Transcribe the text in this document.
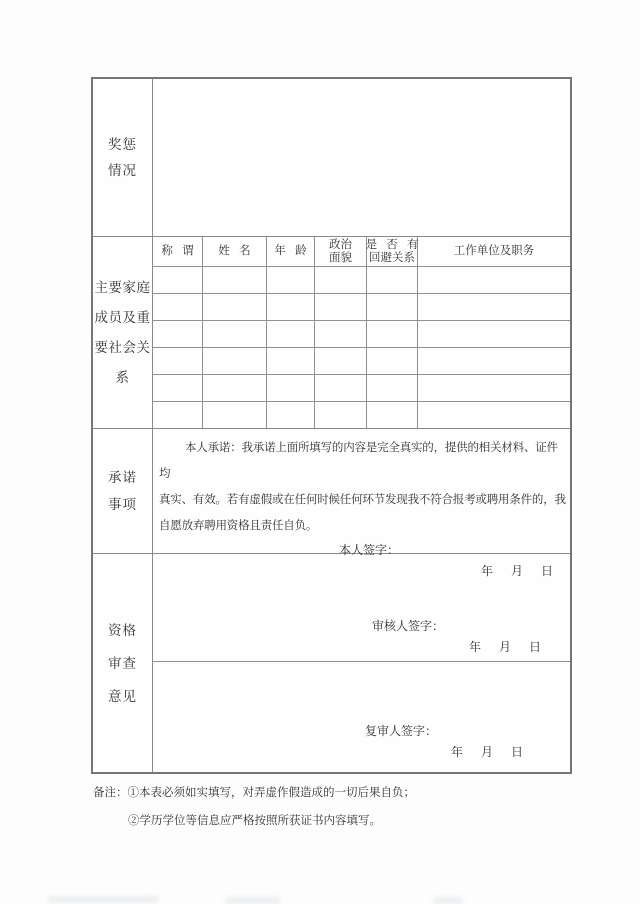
奖惩
情况
主要家庭
成员及重
要社会关
系
称 谓 姓 名 年 龄
政治
面貌
是 否 有
回避关系
工作单位及职务
承诺
事项
本人承诺：我承诺上面所填写的内容是完全真实的，提供的相关材料、证件均
真实、有效。若有虚假或在任何时候任何环节发现我不符合报考或聘用条件的，我
自愿放弃聘用资格且责任自负。
本人签字：
年　月　日
资格
审查
意见
审核人签字：
年　月　日
复审人签字：
年　月　日
备注：①本表必须如实填写，对弄虚作假造成的一切后果自负；
②学历学位等信息应严格按照所获证书内容填写。
